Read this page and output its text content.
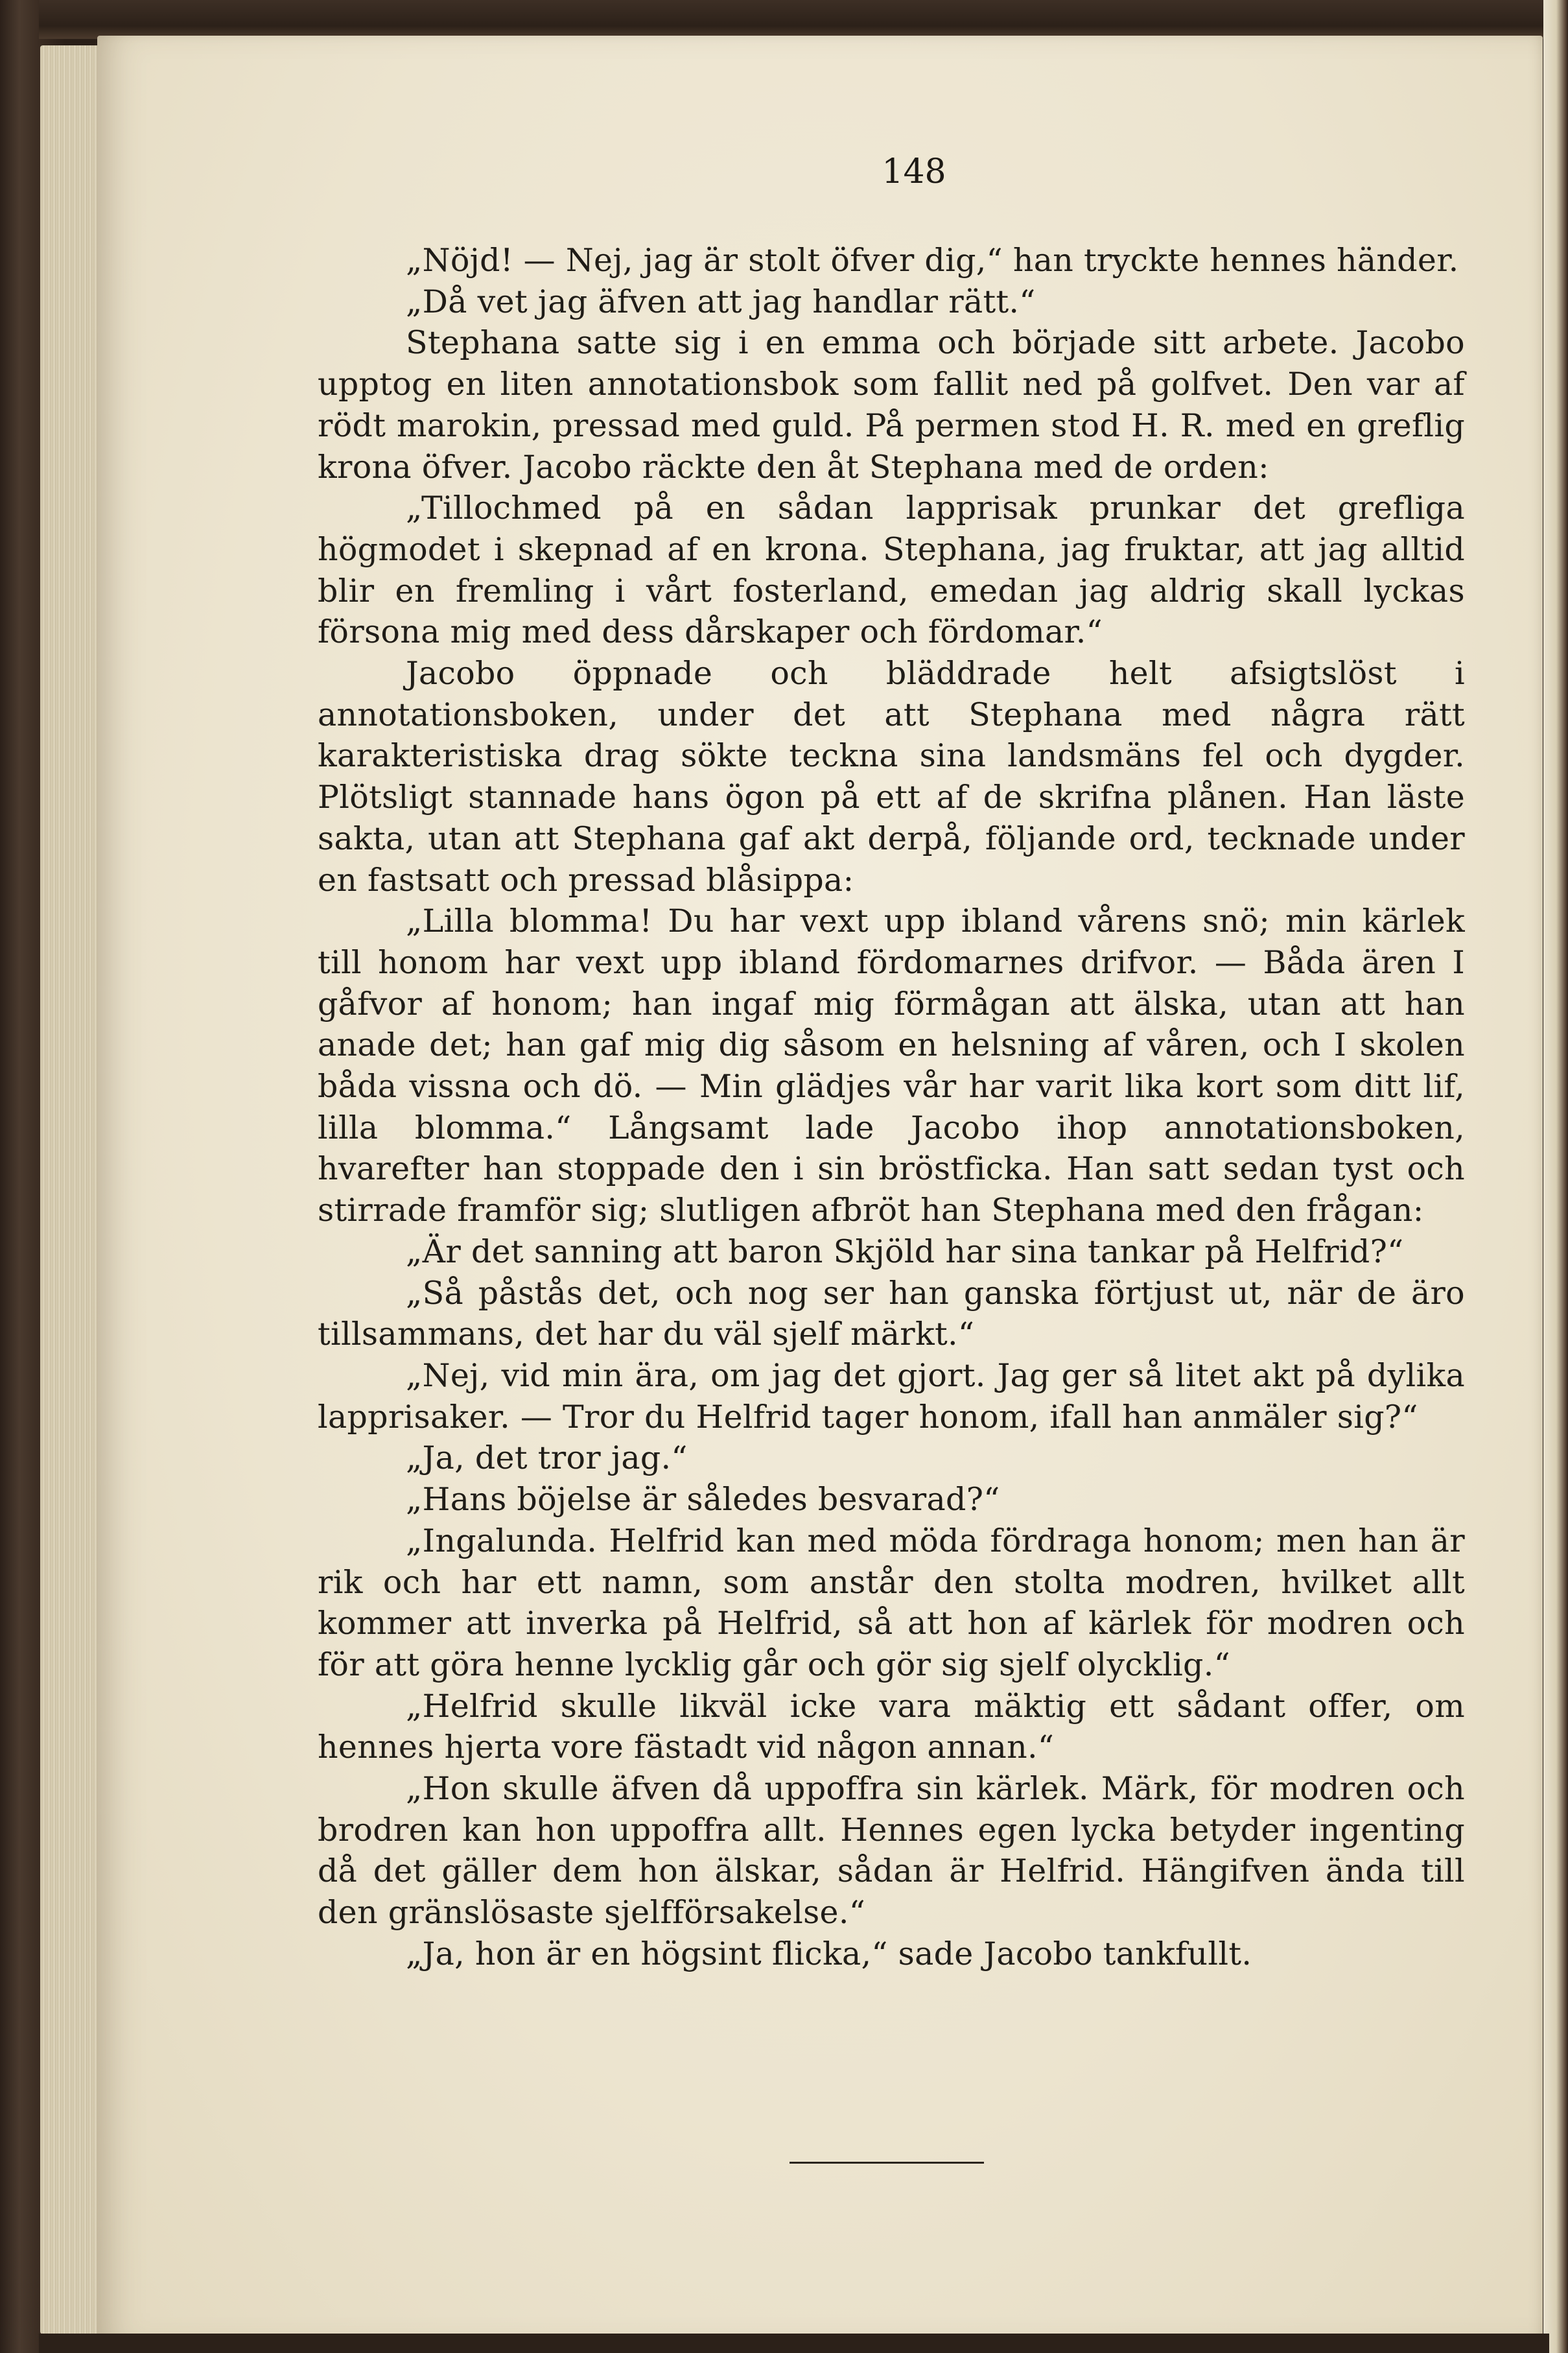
148

„Nöjd! — Nej, jag är stolt öfver dig,“ han tryckte hennes händer.

„Då vet jag äfven att jag handlar rätt.“

Stephana satte sig i en emma och började sitt arbete. Jacobo upptog en liten annotationsbok som fallit ned på golfvet. Den var af rödt marokin, pressad med guld. På permen stod H. R. med en greflig krona öfver. Jacobo räckte den åt Stephana med de orden:

„Tillochmed på en sådan lapprisak prunkar det grefliga högmodet i skepnad af en krona. Stephana, jag fruktar, att jag alltid blir en fremling i vårt fosterland, emedan jag aldrig skall lyckas försona mig med dess dårskaper och fördomar.“

Jacobo öppnade och bläddrade helt afsigtslöst i annotationsboken, under det att Stephana med några rätt karakteristiska drag sökte teckna sina landsmäns fel och dygder. Plötsligt stannade hans ögon på ett af de skrifna plånen. Han läste sakta, utan att Stephana gaf akt derpå, följande ord, tecknade under en fastsatt och pressad blåsippa:

„Lilla blomma! Du har vext upp ibland vårens snö; min kärlek till honom har vext upp ibland fördomarnes drifvor. — Båda ären I gåfvor af honom; han ingaf mig förmågan att älska, utan att han anade det; han gaf mig dig såsom en helsning af våren, och I skolen båda vissna och dö. — Min glädjes vår har varit lika kort som ditt lif, lilla blomma.“ Långsamt lade Jacobo ihop annotationsboken, hvarefter han stoppade den i sin bröstficka. Han satt sedan tyst och stirrade framför sig; slutligen afbröt han Stephana med den frågan:

„Är det sanning att baron Skjöld har sina tankar på Helfrid?“

„Så påstås det, och nog ser han ganska förtjust ut, när de äro tillsammans, det har du väl sjelf märkt.“

„Nej, vid min ära, om jag det gjort. Jag ger så litet akt på dylika lapprisaker. — Tror du Helfrid tager honom, ifall han anmäler sig?“

„Ja, det tror jag.“

„Hans böjelse är således besvarad?“

„Ingalunda. Helfrid kan med möda fördraga honom; men han är rik och har ett namn, som anstår den stolta modren, hvilket allt kommer att inverka på Helfrid, så att hon af kärlek för modren och för att göra henne lycklig går och gör sig sjelf olycklig.“

„Helfrid skulle likväl icke vara mäktig ett sådant offer, om hennes hjerta vore fästadt vid någon annan.“

„Hon skulle äfven då uppoffra sin kärlek. Märk, för modren och brodren kan hon uppoffra allt. Hennes egen lycka betyder ingenting då det gäller dem hon älskar, sådan är Helfrid. Hängifven ända till den gränslösaste sjelfförsakelse.“

„Ja, hon är en högsint flicka,“ sade Jacobo tankfullt.
